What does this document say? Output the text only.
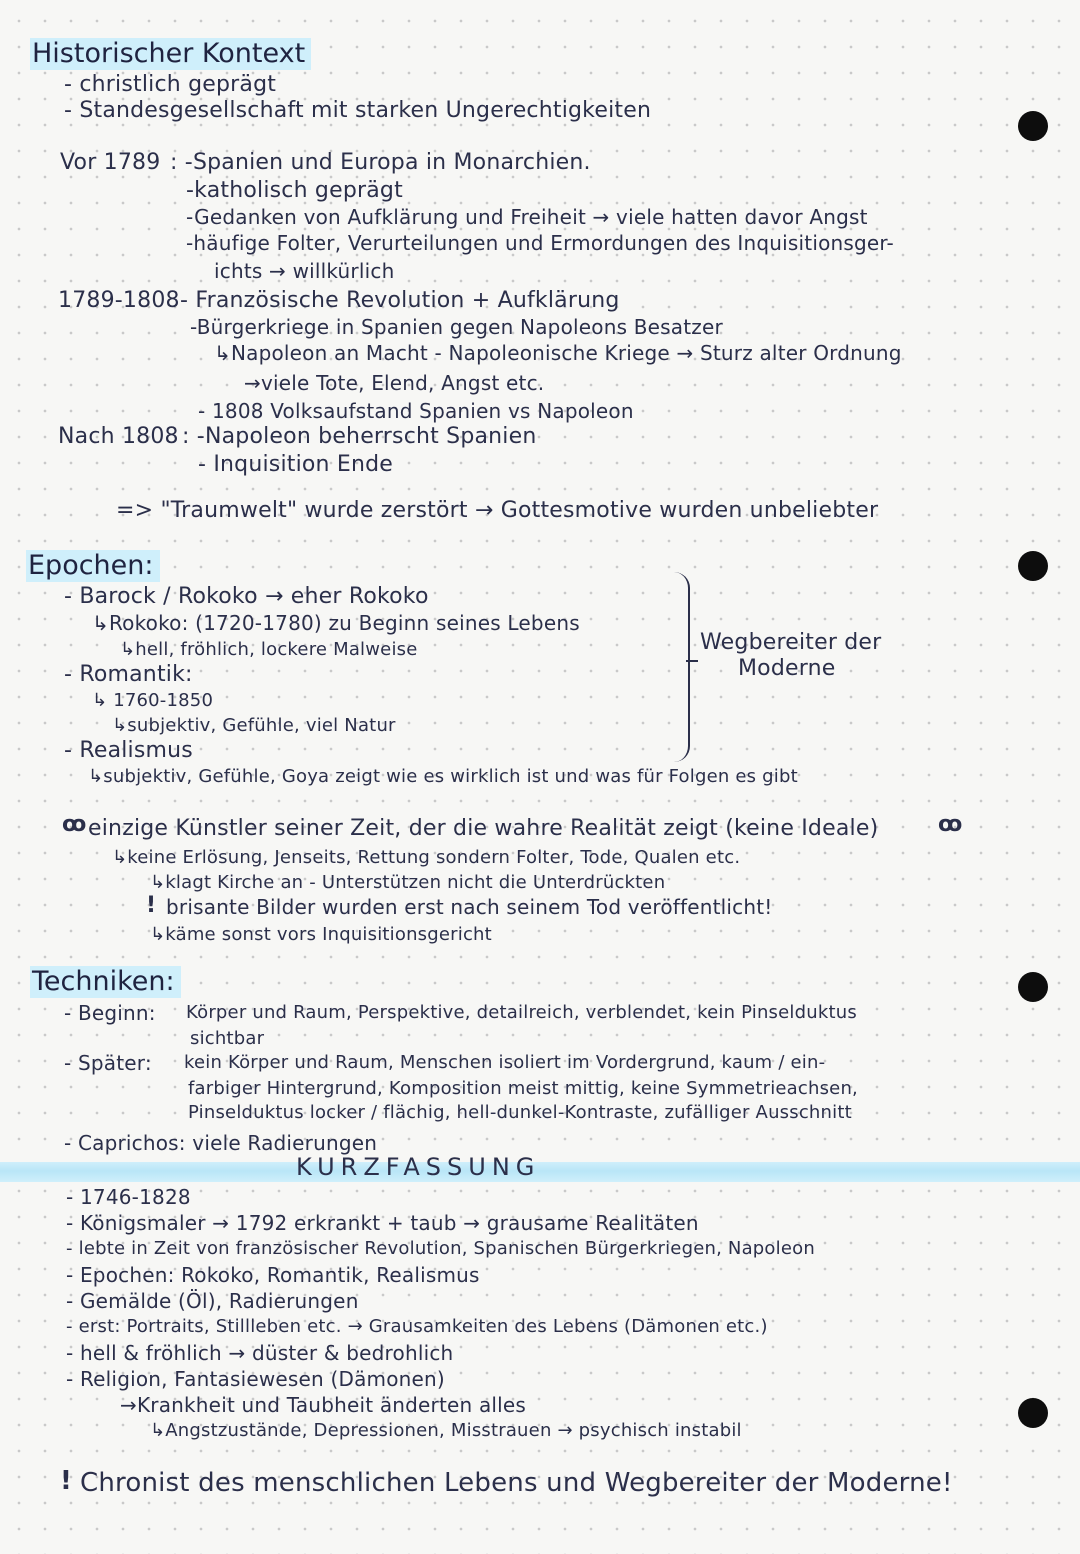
Historischer Kontext
- christlich geprägt
- Standesgesellschaft mit starken Ungerechtigkeiten
Vor 1789 : -Spanien und Europa in Monarchien.
-katholisch geprägt
-Gedanken von Aufklärung und Freiheit → viele hatten davor Angst
-häufige Folter, Verurteilungen und Ermordungen des Inquisitionsger-
ichts → willkürlich
1789-1808 - Französische Revolution + Aufklärung
-Bürgerkriege in Spanien gegen Napoleons Besatzer
↳Napoleon an Macht - Napoleonische Kriege → Sturz alter Ordnung
→viele Tote, Elend, Angst etc.
- 1808 Volksaufstand Spanien vs Napoleon
Nach 1808 : -Napoleon beherrscht Spanien
- Inquisition Ende
=> "Traumwelt" wurde zerstört → Gottesmotive wurden unbeliebter
Epochen:
- Barock / Rokoko → eher Rokoko
↳Rokoko: (1720-1780) zu Beginn seines Lebens
↳hell, fröhlich, lockere Malweise
- Romantik:
↳ 1760-1850
↳subjektiv, Gefühle, viel Natur
- Realismus
↳subjektiv, Gefühle, Goya zeigt wie es wirklich ist und was für Folgen es gibt
Wegbereiter der
Moderne
ꝏ einzige Künstler seiner Zeit, der die wahre Realität zeigt (keine Ideale)	ꝏ
↳keine Erlösung, Jenseits, Rettung sondern Folter, Tode, Qualen etc.
↳klagt Kirche an - Unterstützen nicht die Unterdrückten
! brisante Bilder wurden erst nach seinem Tod veröffentlicht!
↳käme sonst vors Inquisitionsgericht
Techniken:
- Beginn: Körper und Raum, Perspektive, detailreich, verblendet, kein Pinselduktus
sichtbar
- Später: kein Körper und Raum, Menschen isoliert im Vordergrund, kaum / ein-
farbiger Hintergrund, Komposition meist mittig, keine Symmetrieachsen,
Pinselduktus locker / flächig, hell-dunkel-Kontraste, zufälliger Ausschnitt
- Caprichos: viele Radierungen
KURZFASSUNG
- 1746-1828
- Königsmaler → 1792 erkrankt + taub → grausame Realitäten
- lebte in Zeit von französischer Revolution, Spanischen Bürgerkriegen, Napoleon
- Epochen: Rokoko, Romantik, Realismus
- Gemälde (Öl), Radierungen
- erst: Portraits, Stillleben etc. → Grausamkeiten des Lebens (Dämonen etc.)
- hell & fröhlich → düster & bedrohlich
- Religion, Fantasiewesen (Dämonen)
→Krankheit und Taubheit änderten alles
↳Angstzustände, Depressionen, Misstrauen → psychisch instabil
! Chronist des menschlichen Lebens und Wegbereiter der Moderne!
